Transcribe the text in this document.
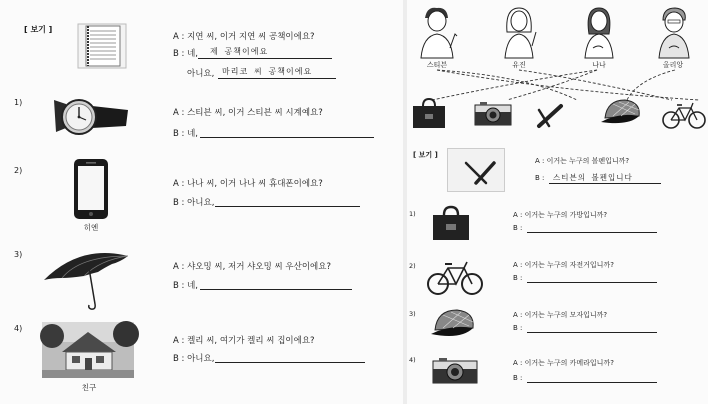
[ 보기 ]
A : 지연 씨, 이거 지연 씨 공책이에요?
B : 네, 제 공책이에요
아니요, 마리코 씨 공책이에요
1)
A : 스티븐 씨, 이거 스티븐 씨 시계예요?
B : 네,
2)
히엔
A : 나나 씨, 이거 나나 씨 휴대폰이에요?
B : 아니요,
3)
A : 샤오밍 씨, 저거 샤오밍 씨 우산이에요?
B : 네,
4)
친구
A : 켈리 씨, 여기가 켈리 씨 집이에요?
B : 아니요,
스티븐	유진	나나	올리앙
[ 보기 ]
A : 이거는 누구의 볼펜입니까?
B : 스티븐의 볼펜입니다
1)	A : 이거는 누구의 가방입니까?
B :
2)	A : 이거는 누구의 자전거입니까?
B :
3)	A : 이거는 누구의 모자입니까?
B :
4)	A : 이거는 누구의 카메라입니까?
B :
